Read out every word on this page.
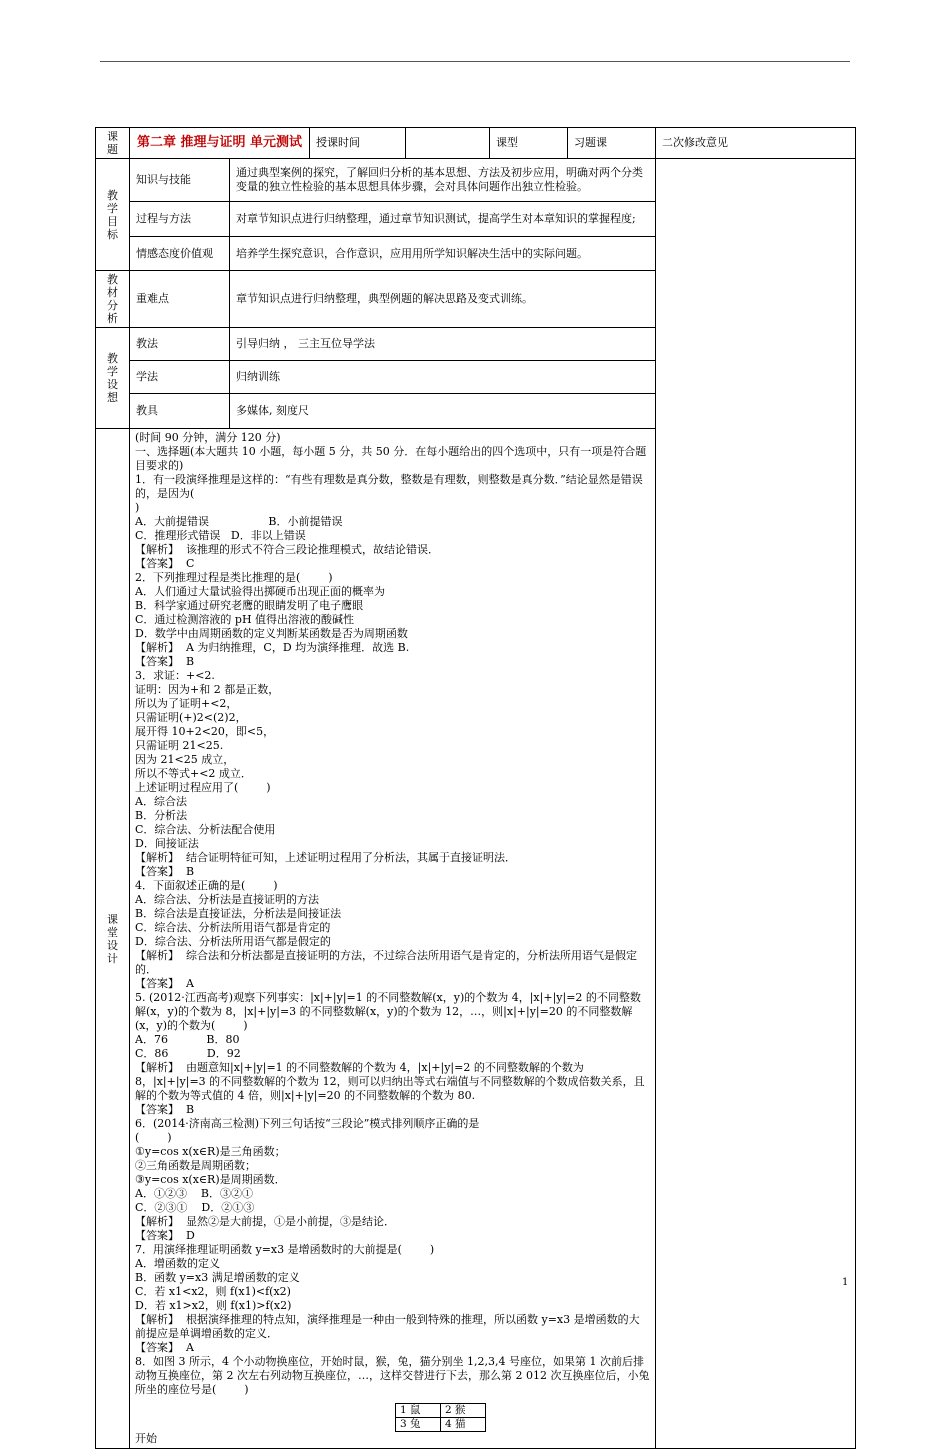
课题	第二章 推理与证明 单元测试	授课时间		课型	习题课	二次修改意见

教学目标
	知识与技能	通过典型案例的探究，了解回归分析的基本思想、方法及初步应用，明确对两个分类变量的独立性检验的基本思想具体步骤，会对具体问题作出独立性检验。	
过程与方法	对章节知识点进行归纳整理，通过章节知识测试，提高学生对本章知识的掌握程度;
情感态度价值观	培养学生探究意识，合作意识，应用用所学知识解决生活中的实际问题。

教材分析
	重难点	章节知识点进行归纳整理，典型例题的解决思路及变式训练。

教学设想
	教法	引导归纳 ， 三主互位导学法
学法	归纳训练
教具	多媒体, 刻度尺

课堂设计

(时间 90 分钟，满分 120 分)
一、选择题(本大题共 10 小题，每小题 5 分，共 50 分．在每小题给出的四个选项中，只有一项是符合题目要求的)
1．有一段演绎推理是这样的：“有些有理数是真分数，整数是有理数，则整数是真分数．”结论显然是错误的，是因为(
)
A．大前提错误                 B．小前提错误
C．推理形式错误   D．非以上错误
【解析】  该推理的形式不符合三段论推理模式，故结论错误．
【答案】  C
2．下列推理过程是类比推理的是(        )
A．人们通过大量试验得出掷硬币出现正面的概率为
B．科学家通过研究老鹰的眼睛发明了电子鹰眼
C．通过检测溶液的 pH 值得出溶液的酸碱性
D．数学中由周期函数的定义判断某函数是否为周期函数
【解析】  A 为归纳推理，C，D 均为演绎推理．故选 B.
【答案】  B
3．求证：+<2.
证明：因为+和 2 都是正数，
所以为了证明+<2，
只需证明(+)2<(2)2，
展开得 10+2<20，即<5，
只需证明 21<25.
因为 21<25 成立，
所以不等式+<2 成立．
上述证明过程应用了(        )
A．综合法
B．分析法
C．综合法、分析法配合使用
D．间接证法
【解析】  结合证明特征可知，上述证明过程用了分析法，其属于直接证明法．
【答案】  B
4．下面叙述正确的是(        )
A．综合法、分析法是直接证明的方法
B．综合法是直接证法，分析法是间接证法
C．综合法、分析法所用语气都是肯定的
D．综合法、分析法所用语气都是假定的
【解析】  综合法和分析法都是直接证明的方法，不过综合法所用语气是肯定的，分析法所用语气是假定的．
【答案】  A
5. (2012·江西高考)观察下列事实：|x|+|y|=1 的不同整数解(x，y)的个数为 4，|x|+|y|=2 的不同整数解(x，y)的个数为 8，|x|+|y|=3 的不同整数解(x，y)的个数为 12，…，则|x|+|y|=20 的不同整数解(x，y)的个数为(        )
A．76           B．80
C．86           D．92
【解析】  由题意知|x|+|y|=1 的不同整数解的个数为 4，|x|+|y|=2 的不同整数解的个数为 8，|x|+|y|=3 的不同整数解的个数为 12，则可以归纳出等式右端值与不同整数解的个数成倍数关系，且解的个数为等式值的 4 倍，则|x|+|y|=20 的不同整数解的个数为 80.
【答案】  B
6．(2014·济南高三检测)下列三句话按“三段论”模式排列顺序正确的是
(        )
①y=cos x(x∈R)是三角函数；
②三角函数是周期函数；
③y=cos x(x∈R)是周期函数．
A．①②③    B．③②①
C．②③①    D．②①③
【解析】  显然②是大前提，①是小前提，③是结论．
【答案】  D
7．用演绎推理证明函数 y=x3 是增函数时的大前提是(        )
A．增函数的定义
B．函数 y=x3 满足增函数的定义
C．若 x1<x2，则 f(x1)<f(x2)
D．若 x1>x2，则 f(x1)>f(x2)
【解析】  根据演绎推理的特点知，演绎推理是一种由一般到特殊的推理，所以函数 y=x3 是增函数的大前提应是单调增函数的定义．
【答案】  A
8．如图 3 所示，4 个小动物换座位，开始时鼠，猴，兔，猫分别坐 1,2,3,4 号座位，如果第 1 次前后排动物互换座位，第 2 次左右列动物互换座位，…，这样交替进行下去，那么第 2 012 次互换座位后，小兔所坐的座位号是(        )
1 鼠	2 猴
3 兔	4 猫
开始
1
